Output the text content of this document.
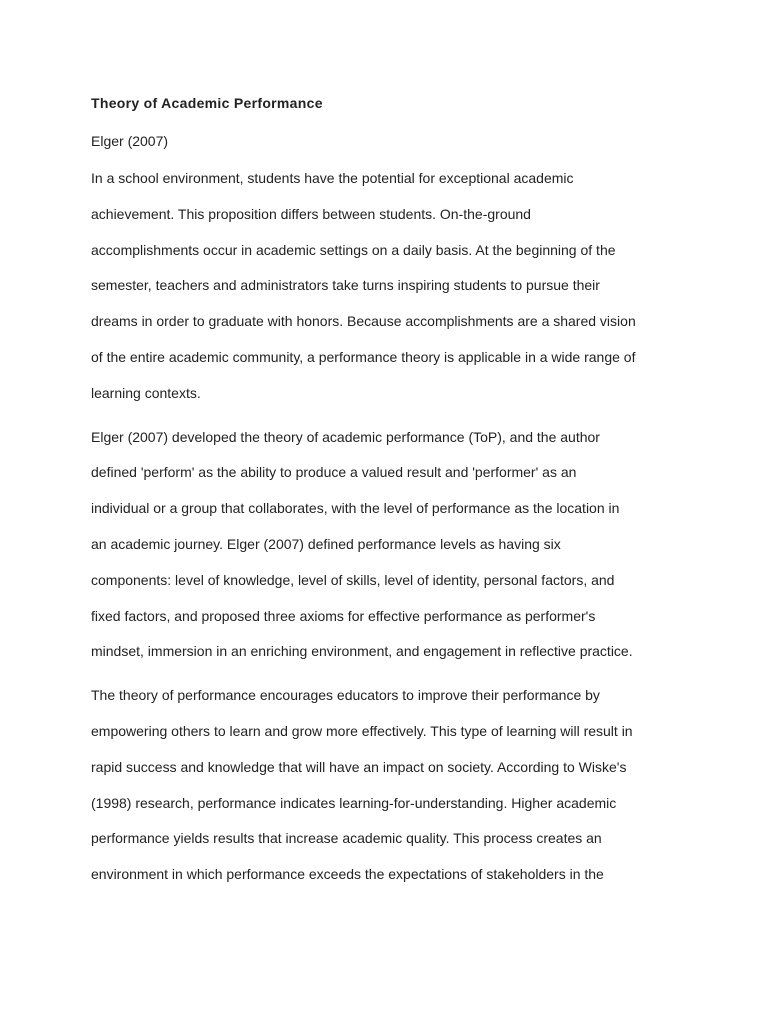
Theory of Academic Performance

Elger (2007)

In a school environment, students have the potential for exceptional academic
achievement. This proposition differs between students. On-the-ground
accomplishments occur in academic settings on a daily basis. At the beginning of the
semester, teachers and administrators take turns inspiring students to pursue their
dreams in order to graduate with honors. Because accomplishments are a shared vision
of the entire academic community, a performance theory is applicable in a wide range of
learning contexts.

Elger (2007) developed the theory of academic performance (ToP), and the author
defined 'perform' as the ability to produce a valued result and 'performer' as an
individual or a group that collaborates, with the level of performance as the location in
an academic journey. Elger (2007) defined performance levels as having six
components: level of knowledge, level of skills, level of identity, personal factors, and
fixed factors, and proposed three axioms for effective performance as performer's
mindset, immersion in an enriching environment, and engagement in reflective practice.

The theory of performance encourages educators to improve their performance by
empowering others to learn and grow more effectively. This type of learning will result in
rapid success and knowledge that will have an impact on society. According to Wiske's
(1998) research, performance indicates learning-for-understanding. Higher academic
performance yields results that increase academic quality. This process creates an
environment in which performance exceeds the expectations of stakeholders in the
